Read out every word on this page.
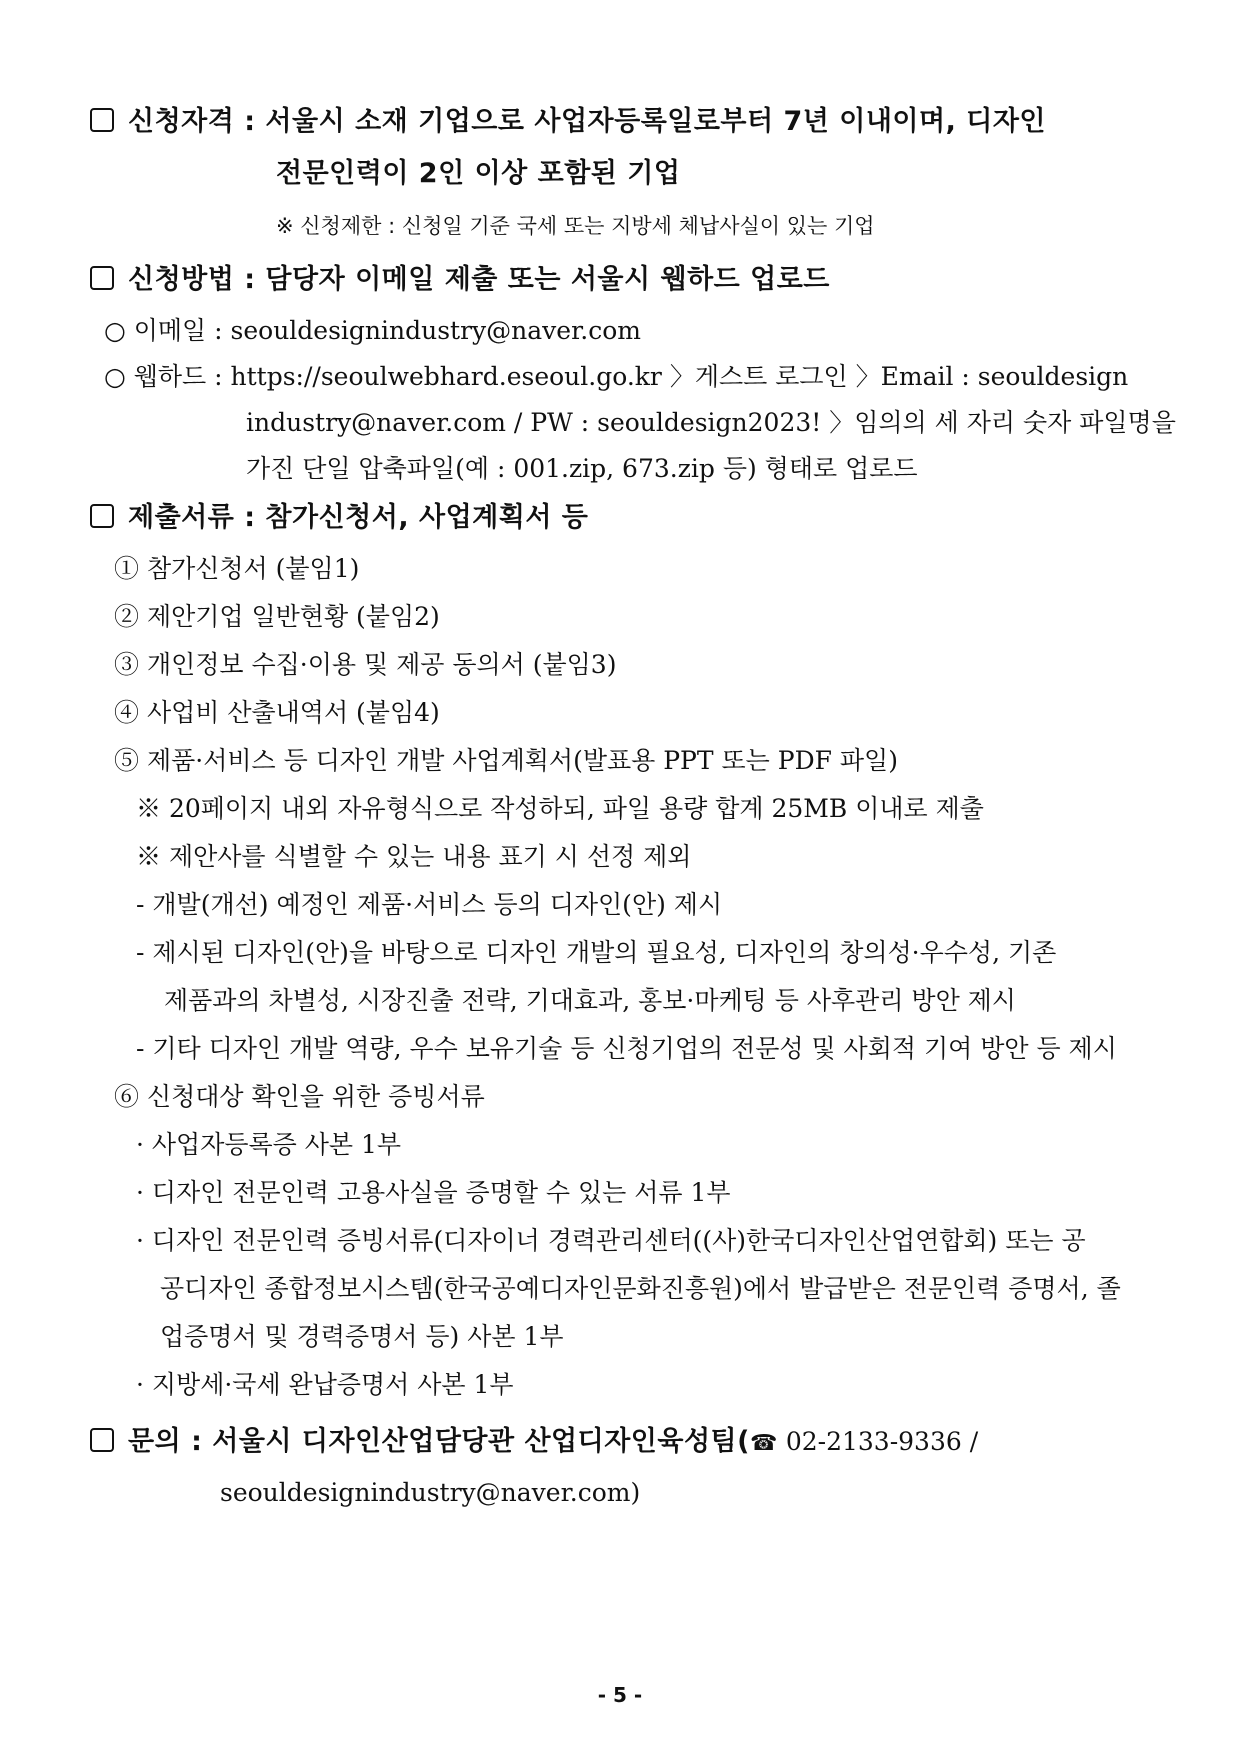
신청자격 : 서울시 소재 기업으로 사업자등록일로부터 7년 이내이며, 디자인
전문인력이 2인 이상 포함된 기업
※ 신청제한 : 신청일 기준 국세 또는 지방세 체납사실이 있는 기업
신청방법 : 담당자 이메일 제출 또는 서울시 웹하드 업로드
○ 이메일 : seouldesignindustry@naver.com
○ 웹하드 : https://seoulwebhard.eseoul.go.kr 〉게스트 로그인 〉Email : seouldesign
industry@naver.com / PW : seouldesign2023! 〉임의의 세 자리 숫자 파일명을
가진 단일 압축파일(예 : 001.zip, 673.zip 등) 형태로 업로드
제출서류 : 참가신청서, 사업계획서 등
① 참가신청서 (붙임1)
② 제안기업 일반현황 (붙임2)
③ 개인정보 수집·이용 및 제공 동의서 (붙임3)
④ 사업비 산출내역서 (붙임4)
⑤ 제품·서비스 등 디자인 개발 사업계획서(발표용 PPT 또는 PDF 파일)
※ 20페이지 내외 자유형식으로 작성하되, 파일 용량 합계 25MB 이내로 제출
※ 제안사를 식별할 수 있는 내용 표기 시 선정 제외
- 개발(개선) 예정인 제품·서비스 등의 디자인(안) 제시
- 제시된 디자인(안)을 바탕으로 디자인 개발의 필요성, 디자인의 창의성·우수성, 기존
제품과의 차별성, 시장진출 전략, 기대효과, 홍보·마케팅 등 사후관리 방안 제시
- 기타 디자인 개발 역량, 우수 보유기술 등 신청기업의 전문성 및 사회적 기여 방안 등 제시
⑥ 신청대상 확인을 위한 증빙서류
· 사업자등록증 사본 1부
· 디자인 전문인력 고용사실을 증명할 수 있는 서류 1부
· 디자인 전문인력 증빙서류(디자이너 경력관리센터((사)한국디자인산업연합회) 또는 공
공디자인 종합정보시스템(한국공예디자인문화진흥원)에서 발급받은 전문인력 증명서, 졸
업증명서 및 경력증명서 등) 사본 1부
· 지방세·국세 완납증명서 사본 1부
문의 : 서울시 디자인산업담당관 산업디자인육성팀(☎ 02-2133-9336 /
seouldesignindustry@naver.com)
- 5 -
